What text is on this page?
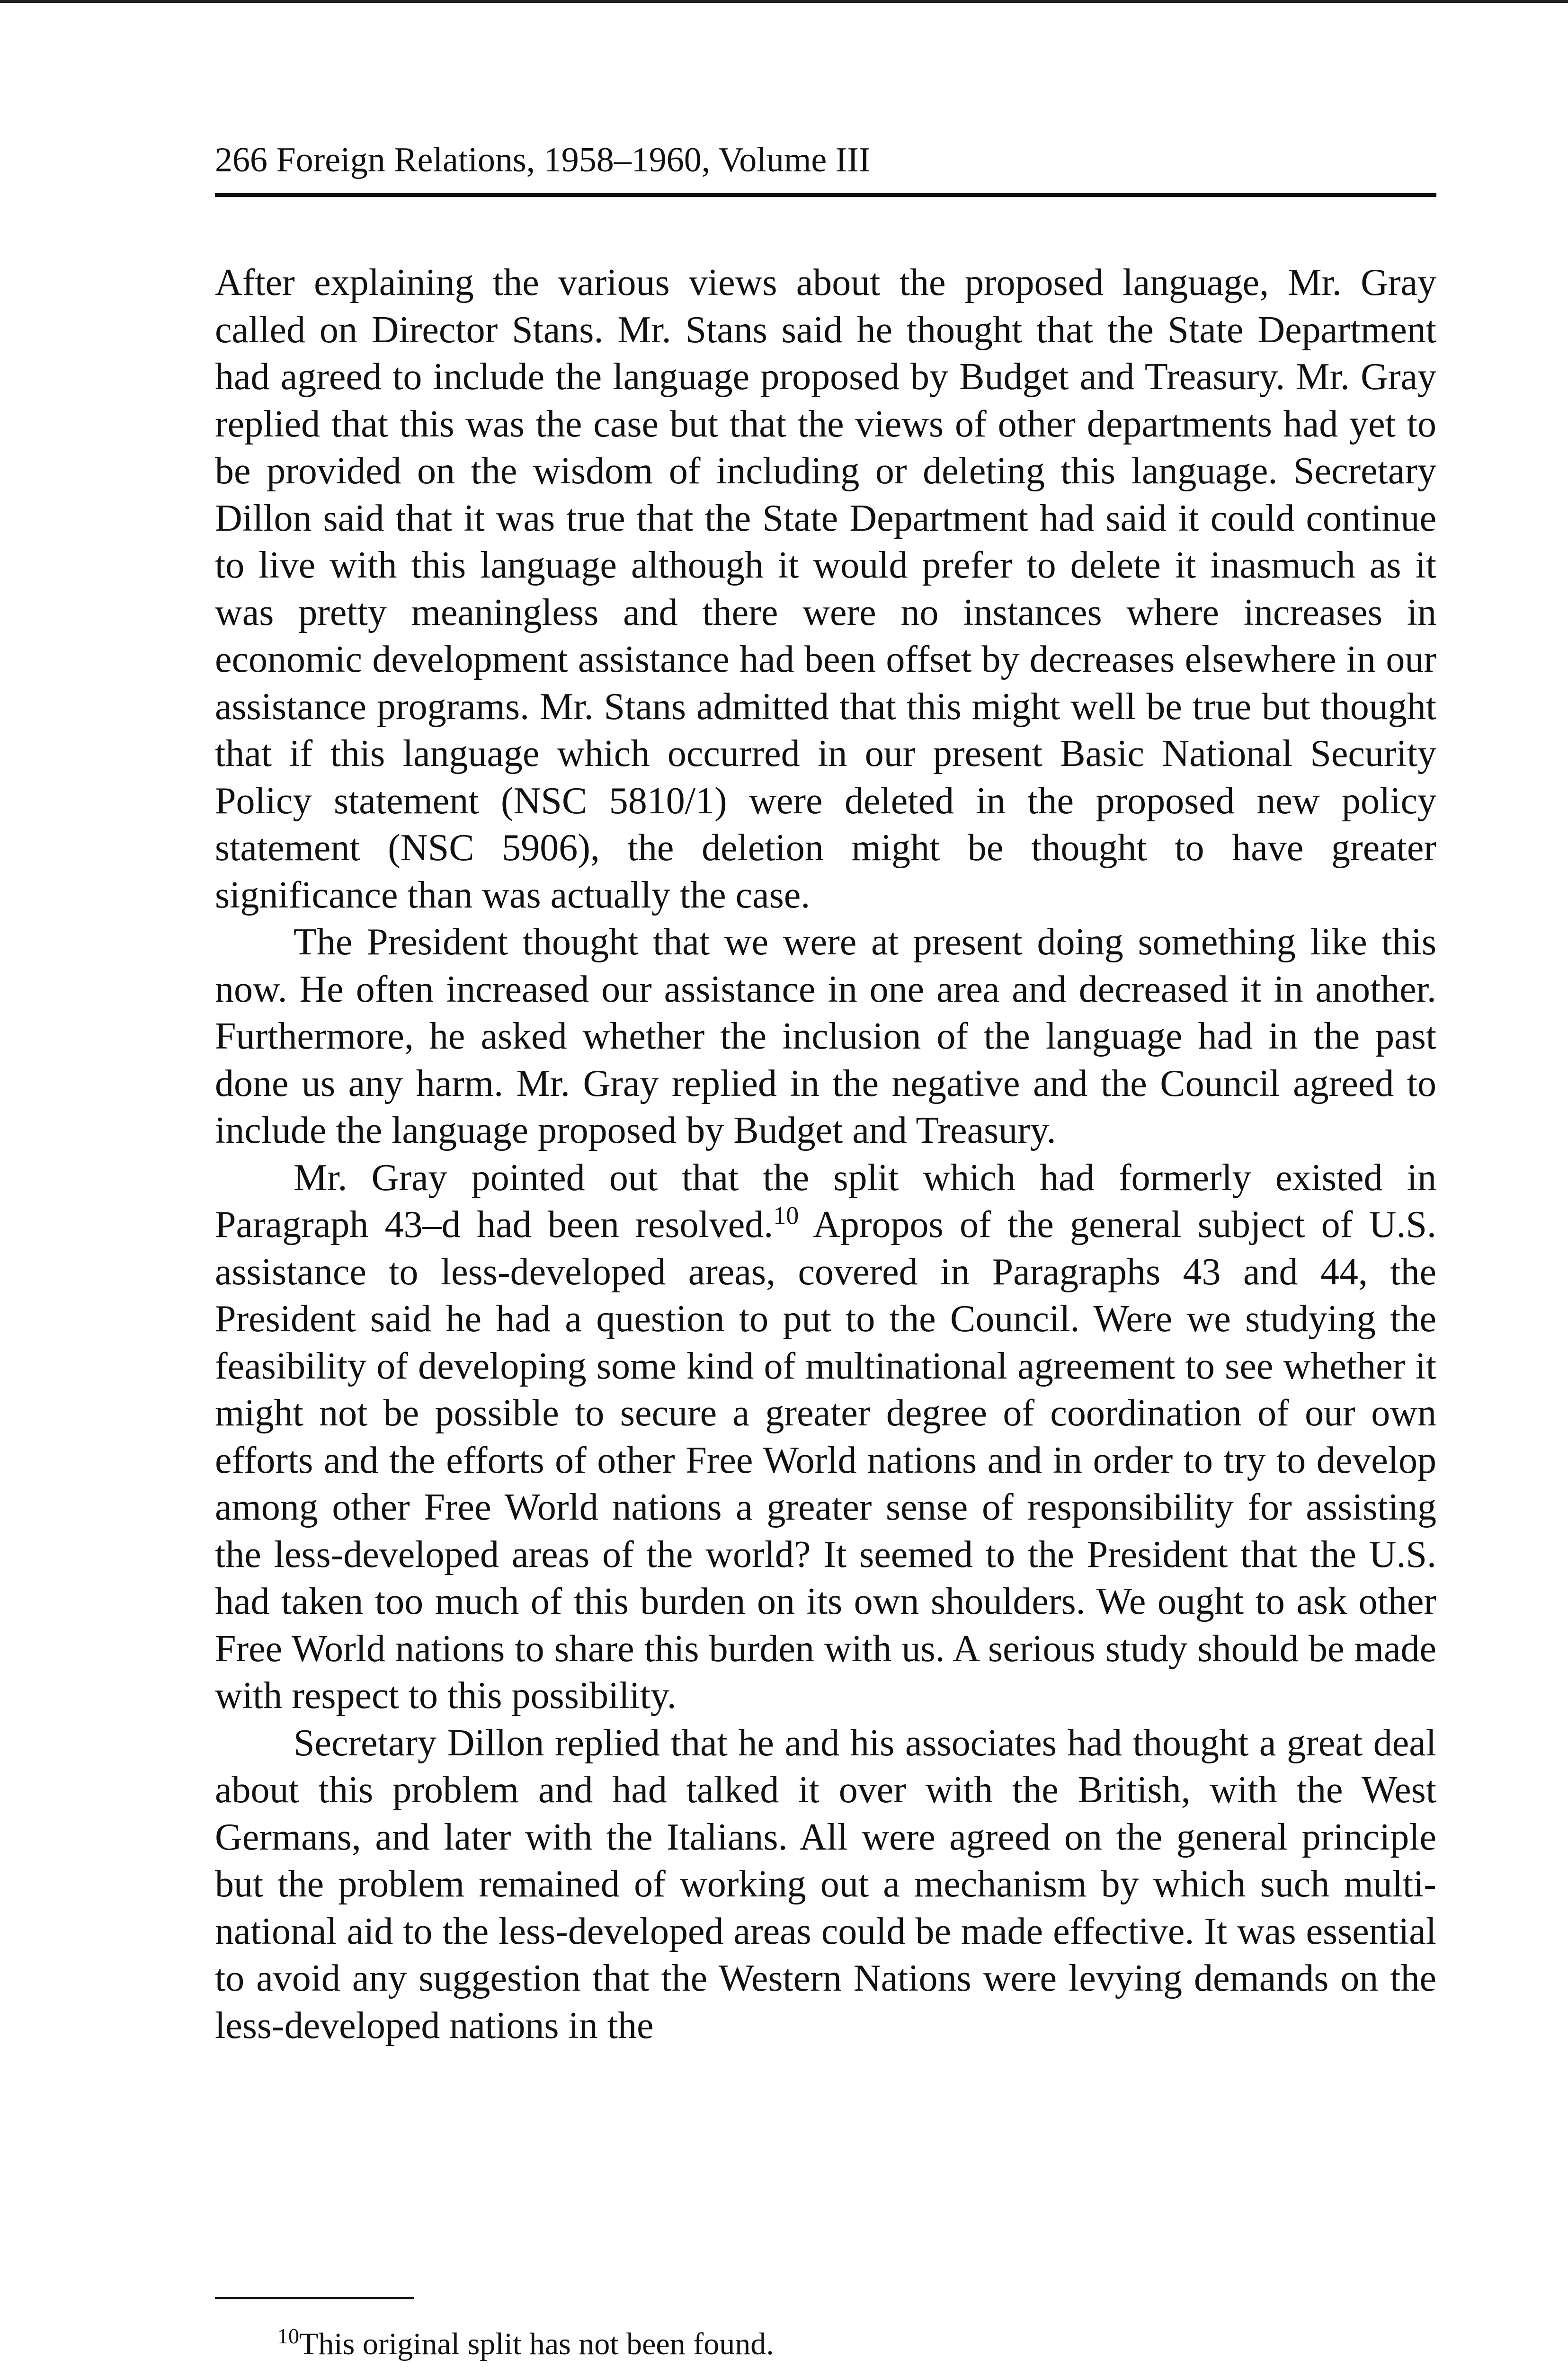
266 Foreign Relations, 1958–1960, Volume III

After explaining the various views about the proposed language, Mr. Gray called on Director Stans. Mr. Stans said he thought that the State Department had agreed to include the language proposed by Budget and Treasury. Mr. Gray replied that this was the case but that the views of other departments had yet to be provided on the wisdom of including or deleting this language. Secretary Dillon said that it was true that the State Department had said it could continue to live with this language although it would prefer to delete it inasmuch as it was pretty meaningless and there were no instances where increases in economic development assistance had been offset by decreases elsewhere in our assistance programs. Mr. Stans admitted that this might well be true but thought that if this language which occurred in our present Basic National Security Policy statement (NSC 5810/1) were deleted in the proposed new policy statement (NSC 5906), the deletion might be thought to have greater significance than was actually the case.

The President thought that we were at present doing something like this now. He often increased our assistance in one area and decreased it in another. Furthermore, he asked whether the inclusion of the language had in the past done us any harm. Mr. Gray replied in the negative and the Council agreed to include the language proposed by Budget and Treasury.

Mr. Gray pointed out that the split which had formerly existed in Paragraph 43–d had been resolved.$^{10}$ Apropos of the general subject of U.S. assistance to less-developed areas, covered in Paragraphs 43 and 44, the President said he had a question to put to the Council. Were we studying the feasibility of developing some kind of multinational agreement to see whether it might not be possible to secure a greater degree of coordination of our own efforts and the efforts of other Free World nations and in order to try to develop among other Free World nations a greater sense of responsibility for assisting the less-developed areas of the world? It seemed to the President that the U.S. had taken too much of this burden on its own shoulders. We ought to ask other Free World nations to share this burden with us. A serious study should be made with respect to this possibility.

Secretary Dillon replied that he and his associates had thought a great deal about this problem and had talked it over with the British, with the West Germans, and later with the Italians. All were agreed on the general principle but the problem remained of working out a mechanism by which such multi-national aid to the less-developed areas could be made effective. It was essential to avoid any suggestion that the Western Nations were levying demands on the less-developed nations in the

$^{10}$This original split has not been found.
